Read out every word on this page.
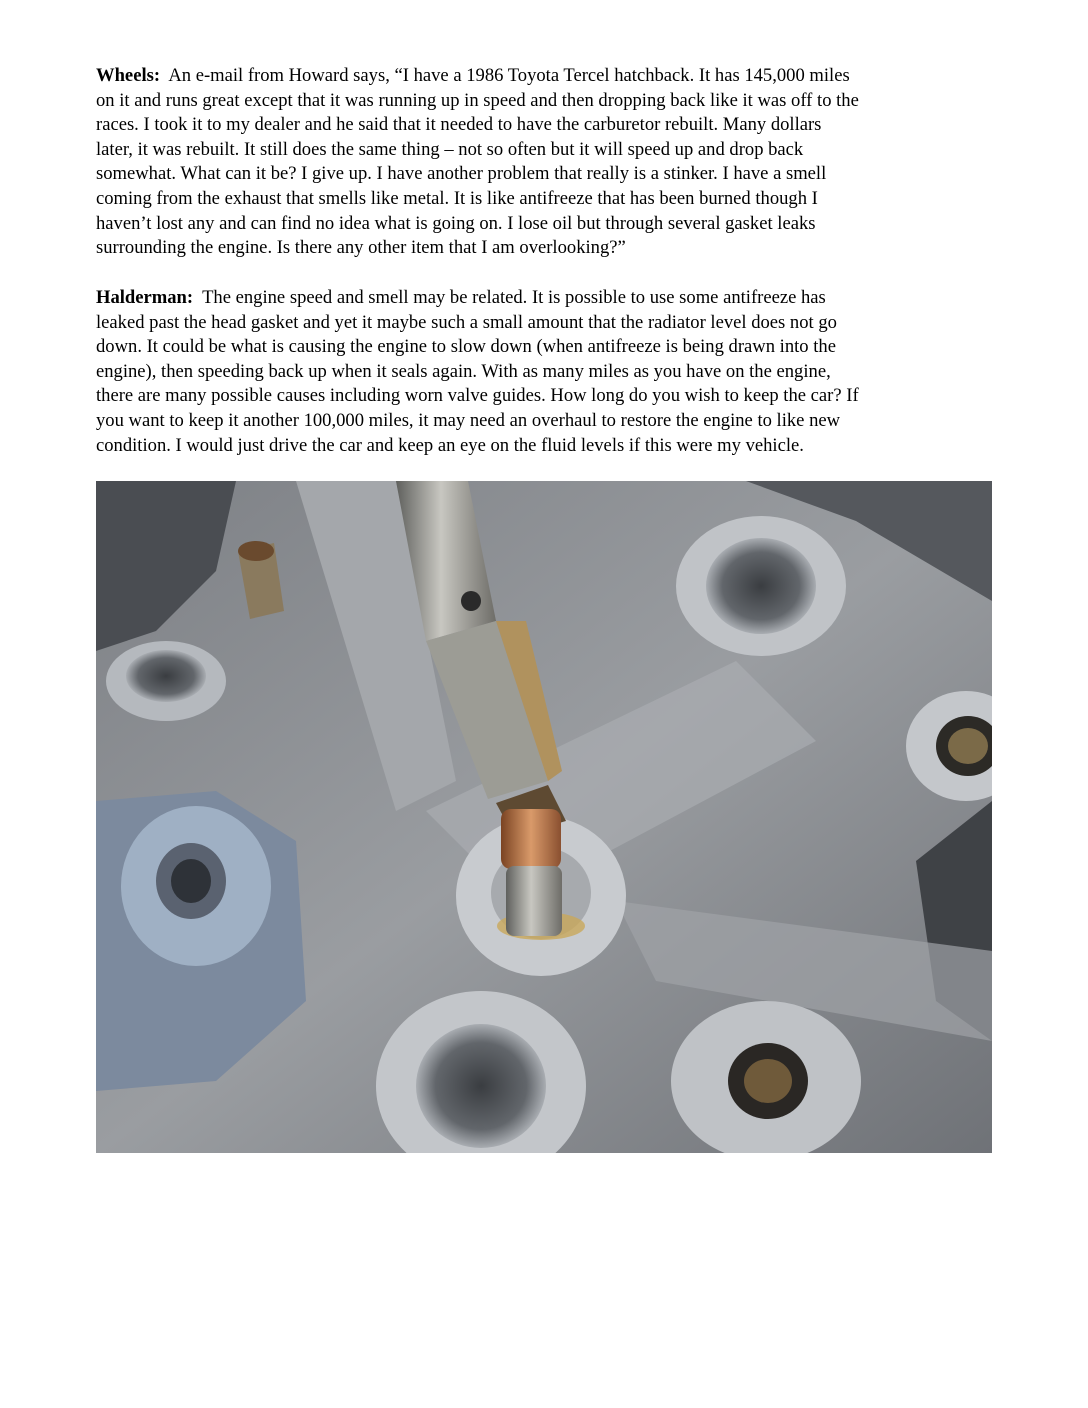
Wheels: An e-mail from Howard says, “I have a 1986 Toyota Tercel hatchback. It has 145,000 miles
on it and runs great except that it was running up in speed and then dropping back like it was off to the
races. I took it to my dealer and he said that it needed to have the carburetor rebuilt. Many dollars
later, it was rebuilt. It still does the same thing – not so often but it will speed up and drop back
somewhat. What can it be? I give up. I have another problem that really is a stinker. I have a smell
coming from the exhaust that smells like metal. It is like antifreeze that has been burned though I
haven’t lost any and can find no idea what is going on. I lose oil but through several gasket leaks
surrounding the engine. Is there any other item that I am overlooking?”
Halderman: The engine speed and smell may be related. It is possible to use some antifreeze has
leaked past the head gasket and yet it maybe such a small amount that the radiator level does not go
down. It could be what is causing the engine to slow down (when antifreeze is being drawn into the
engine), then speeding back up when it seals again. With as many miles as you have on the engine,
there are many possible causes including worn valve guides. How long do you wish to keep the car? If
you want to keep it another 100,000 miles, it may need an overhaul to restore the engine to like new
condition. I would just drive the car and keep an eye on the fluid levels if this were my vehicle.
